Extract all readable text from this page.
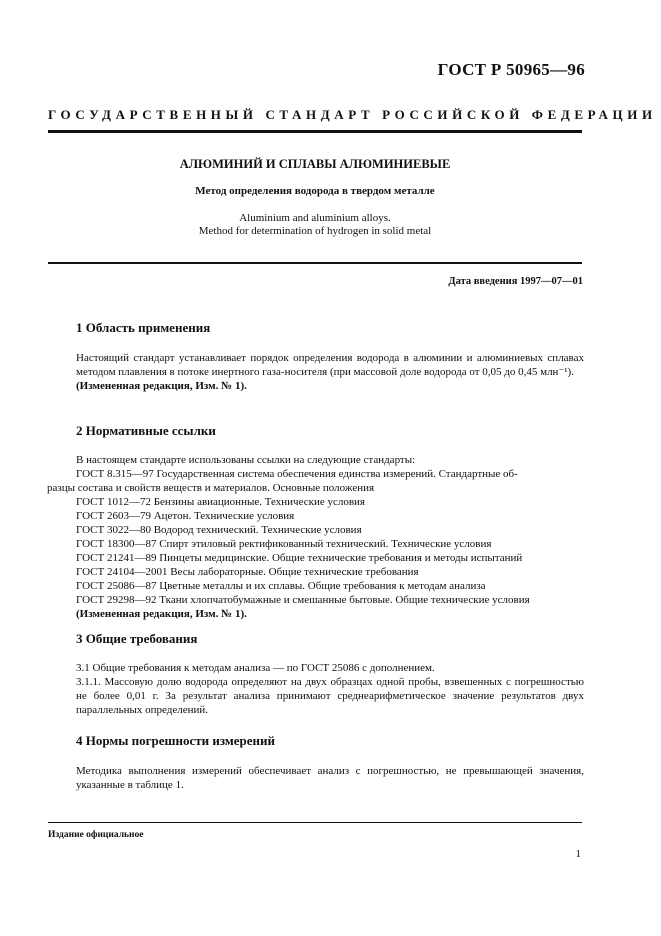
ГОСТ Р 50965—96
ГОСУДАРСТВЕННЫЙ СТАНДАРТ РОССИЙСКОЙ ФЕДЕРАЦИИ
АЛЮМИНИЙ И СПЛАВЫ АЛЮМИНИЕВЫЕ
Метод определения водорода в твердом металле
Aluminium and aluminium alloys.
Method for determination of hydrogen in solid metal
Дата введения 1997—07—01
1 Область применения

Настоящий стандарт устанавливает порядок определения водорода в алюминии и алюминиевых сплавах методом плавления в потоке инертного газа-носителя (при массовой доле водорода от 0,05 до 0,45 млн⁻¹).

(Измененная редакция, Изм. № 1).

2 Нормативные ссылки
В настоящем стандарте использованы ссылки на следующие стандарты:
ГОСТ 8.315—97 Государственная система обеспечения единства измерений. Стандартные об-
разцы состава и свойств веществ и материалов. Основные положения
ГОСТ 1012—72 Бензины авиационные. Технические условия
ГОСТ 2603—79 Ацетон. Технические условия
ГОСТ 3022—80 Водород технический. Технические условия
ГОСТ 18300—87 Спирт этиловый ректификованный технический. Технические условия
ГОСТ 21241—89 Пинцеты медицинские. Общие технические требования и методы испытаний
ГОСТ 24104—2001 Весы лабораторные. Общие технические требования
ГОСТ 25086—87 Цветные металлы и их сплавы. Общие требования к методам анализа
ГОСТ 29298—92 Ткани хлопчатобумажные и смешанные бытовые. Общие технические условия
(Измененная редакция, Изм. № 1).
3 Общие требования

3.1 Общие требования к методам анализа — по ГОСТ 25086 с дополнением.

3.1.1. Массовую долю водорода определяют на двух образцах одной пробы, взвешенных с погрешностью не более 0,01 г. За результат анализа принимают среднеарифметическое значение результатов двух параллельных определений.

4 Нормы погрешности измерений

Методика выполнения измерений обеспечивает анализ с погрешностью, не превышающей значения, указанные в таблице 1.

Издание официальное
1
